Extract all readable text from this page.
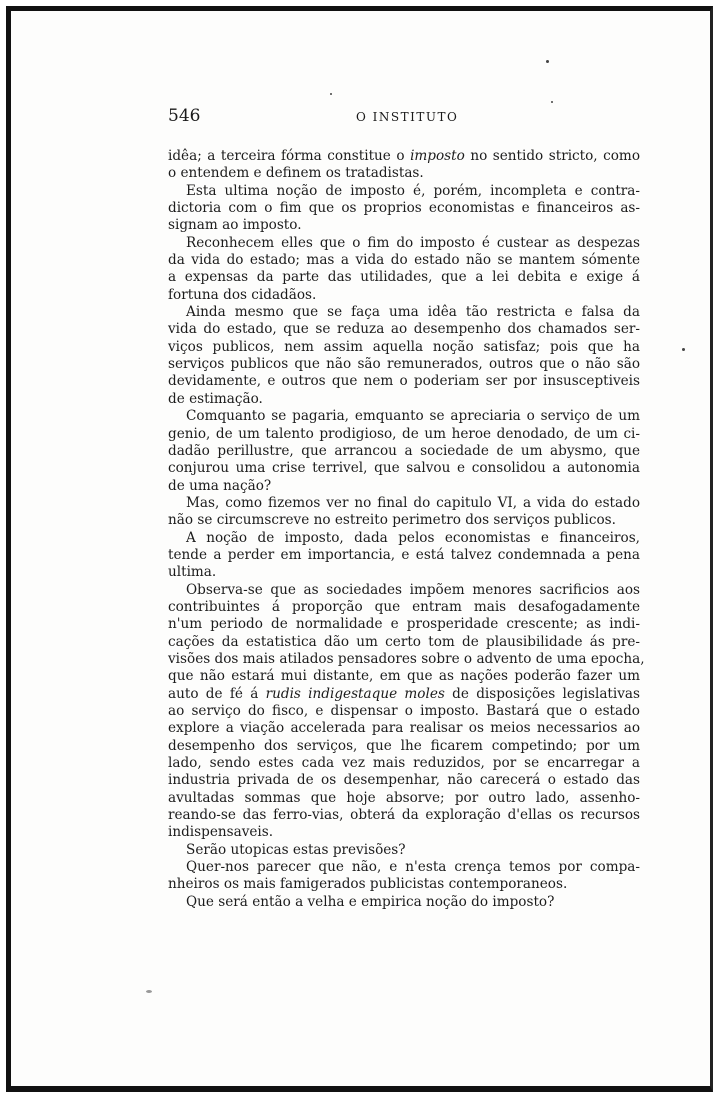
546	O INSTITUTO
idêa; a terceira fórma constitue o imposto no sentido stricto, como
o entendem e definem os tratadistas.
Esta ultima noção de imposto é, porém, incompleta e contra-
dictoria com o fim que os proprios economistas e financeiros as-
signam ao imposto.
Reconhecem elles que o fim do imposto é custear as despezas
da vida do estado; mas a vida do estado não se mantem sómente
a expensas da parte das utilidades, que a lei debita e exige á
fortuna dos cidadãos.
Ainda mesmo que se faça uma idêa tão restricta e falsa da
vida do estado, que se reduza ao desempenho dos chamados ser-
viços publicos, nem assim aquella noção satisfaz; pois que ha
serviços publicos que não são remunerados, outros que o não são
devidamente, e outros que nem o poderiam ser por insusceptiveis
de estimação.
Comquanto se pagaria, emquanto se apreciaria o serviço de um
genio, de um talento prodigioso, de um heroe denodado, de um ci-
dadão perillustre, que arrancou a sociedade de um abysmo, que
conjurou uma crise terrivel, que salvou e consolidou a autonomia
de uma nação?
Mas, como fizemos ver no final do capitulo VI, a vida do estado
não se circumscreve no estreito perimetro dos serviços publicos.
A noção de imposto, dada pelos economistas e financeiros,
tende a perder em importancia, e está talvez condemnada a pena
ultima.
Observa-se que as sociedades impõem menores sacrificios aos
contribuintes á proporção que entram mais desafogadamente
n'um periodo de normalidade e prosperidade crescente; as indi-
cações da estatistica dão um certo tom de plausibilidade ás pre-
visões dos mais atilados pensadores sobre o advento de uma epocha,
que não estará mui distante, em que as nações poderão fazer um
auto de fé á rudis indigestaque moles de disposições legislativas
ao serviço do fisco, e dispensar o imposto. Bastará que o estado
explore a viação accelerada para realisar os meios necessarios ao
desempenho dos serviços, que lhe ficarem competindo; por um
lado, sendo estes cada vez mais reduzidos, por se encarregar a
industria privada de os desempenhar, não carecerá o estado das
avultadas sommas que hoje absorve; por outro lado, assenho-
reando-se das ferro-vias, obterá da exploração d'ellas os recursos
indispensaveis.
Serão utopicas estas previsões?
Quer-nos parecer que não, e n'esta crença temos por compa-
nheiros os mais famigerados publicistas contemporaneos.
Que será então a velha e empirica noção do imposto?
